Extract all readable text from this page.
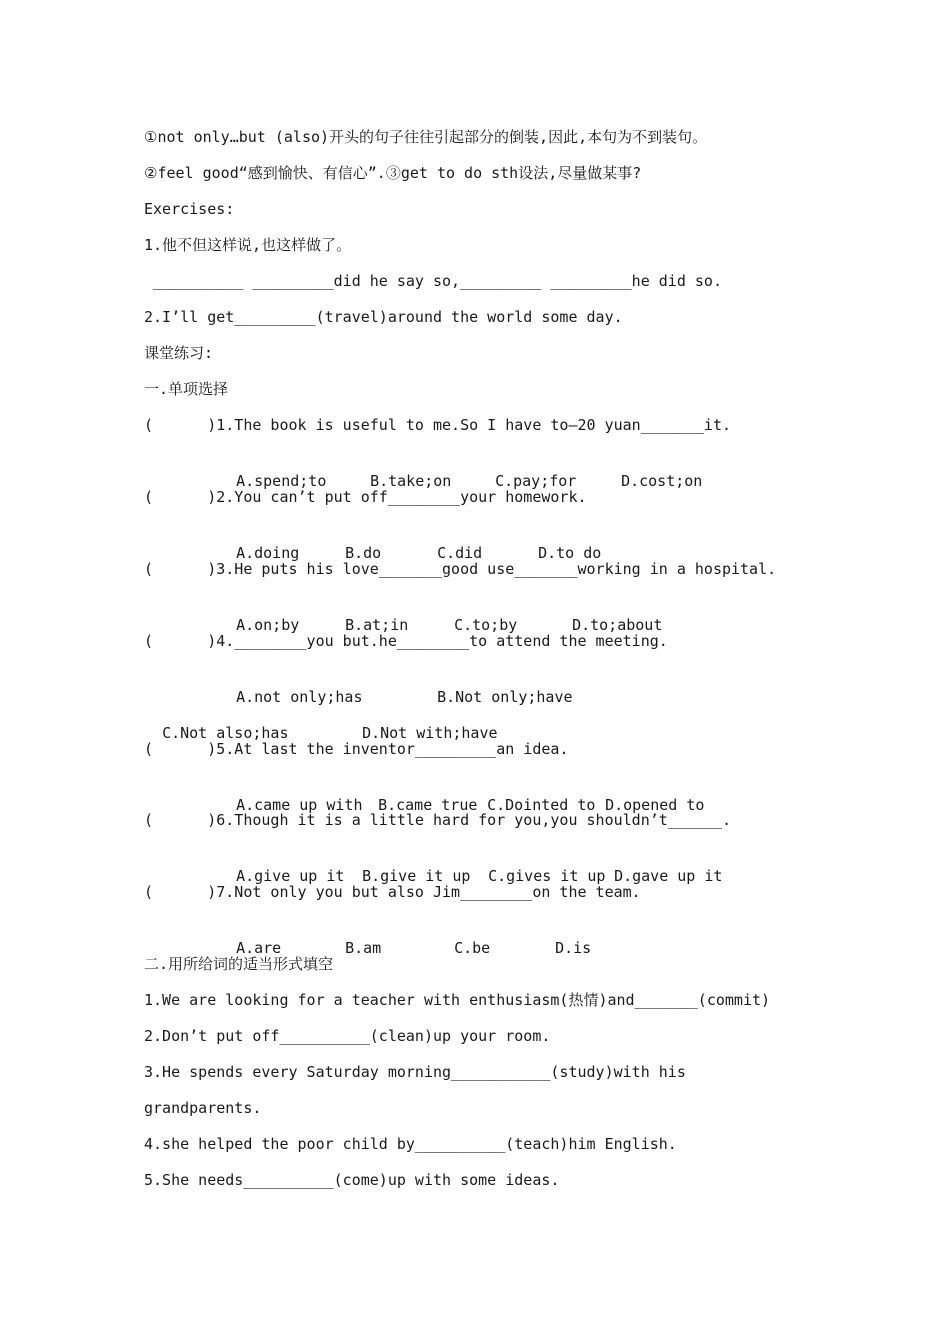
①not only…but (also)开头的句子往往引起部分的倒装,因此,本句为不到装句。
②feel good“感到愉快、有信心”.③get to do sth设法,尽量做某事?
Exercises:
1.他不但这样说,也这样做了。
__________ _________did he say so,_________ _________he did so.
2.I’ll get_________(travel)around the world some day.
课堂练习:
一.单项选择
(      )1.The book is useful to me.So I have to—20 yuan_______it.

A.spend;to	B.take;on	C.pay;for	D.cost;on

(      )2.You can’t put off________your homework.

A.doing	B.do	C.did	D.to do

(      )3.He puts his love_______good use_______working in a hospital.

A.on;by	B.at;in	C.to;by	D.to;about

(      )4.________you but.he________to attend the meeting.

A.not only;has	B.Not only;have

C.Not also;has	D.Not with;have

(      )5.At last the inventor_________an idea.

A.came up with B.came true C.Dointed to D.opened to

(      )6.Though it is a little hard for you,you shouldn’t______.

A.give up it B.give it up C.gives it up D.gave up it

(      )7.Not only you but also Jim________on the team.

A.are	B.am	C.be	D.is

二.用所给词的适当形式填空
1.We are looking for a teacher with enthusiasm(热情)and_______(commit)
2.Don’t put off__________(clean)up your room.
3.He spends every Saturday morning___________(study)with his
grandparents.
4.she helped the poor child by__________(teach)him English.
5.She needs__________(come)up with some ideas.
